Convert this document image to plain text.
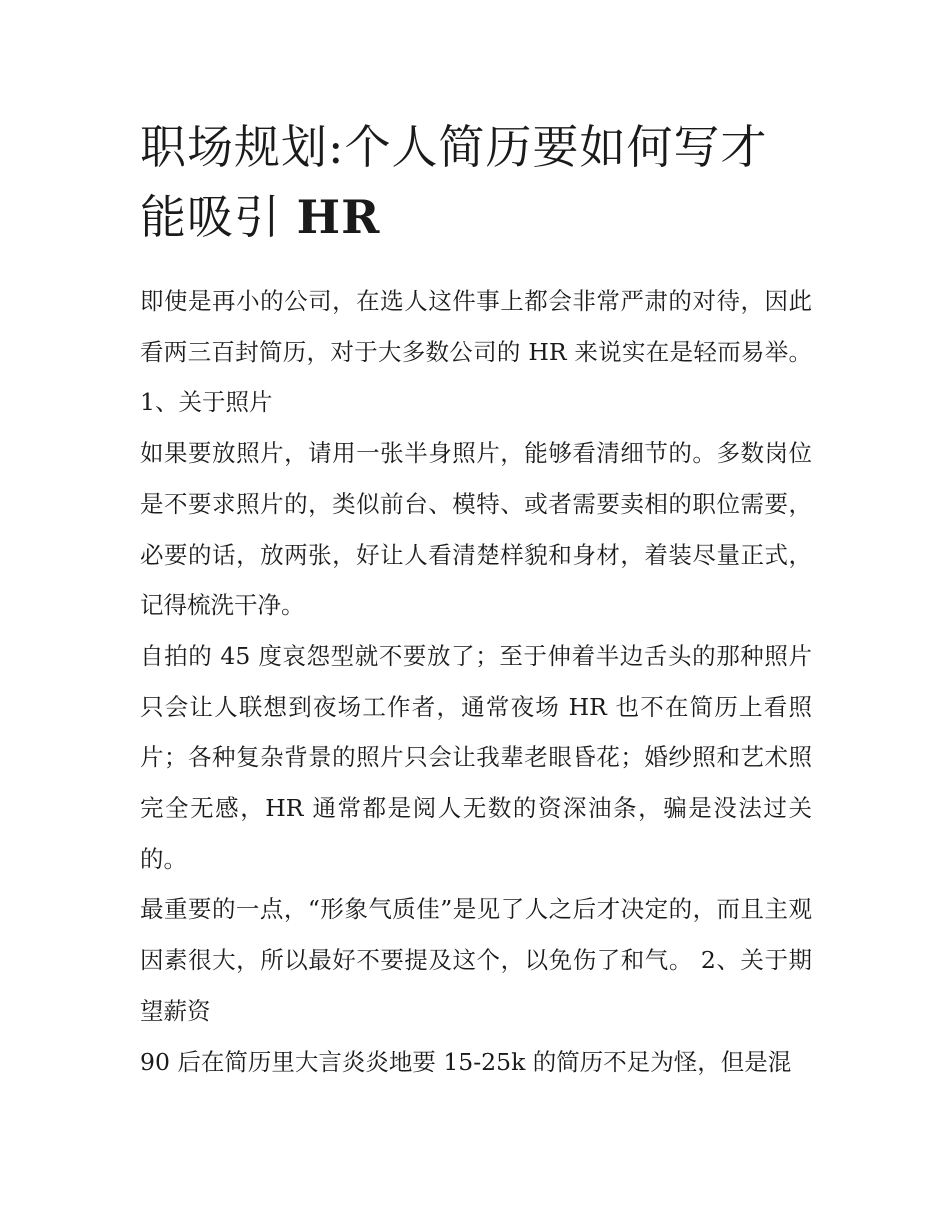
职场规划:个人简历要如何写才能吸引 HR

即使是再小的公司，在选人这件事上都会非常严肃的对待，因此看两三百封简历，对于大多数公司的 HR 来说实在是轻而易举。 1、关于照片

如果要放照片，请用一张半身照片，能够看清细节的。多数岗位是不要求照片的，类似前台、模特、或者需要卖相的职位需要，必要的话，放两张，好让人看清楚样貌和身材，着装尽量正式，记得梳洗干净。

自拍的 45 度哀怨型就不要放了；至于伸着半边舌头的那种照片只会让人联想到夜场工作者，通常夜场 HR 也不在简历上看照片；各种复杂背景的照片只会让我辈老眼昏花；婚纱照和艺术照完全无感，HR 通常都是阅人无数的资深油条，骗是没法过关的。

最重要的一点，“形象气质佳”是见了人之后才决定的，而且主观因素很大，所以最好不要提及这个，以免伤了和气。 2、关于期望薪资

90 后在简历里大言炎炎地要 15-25k 的简历不足为怪，但是混
